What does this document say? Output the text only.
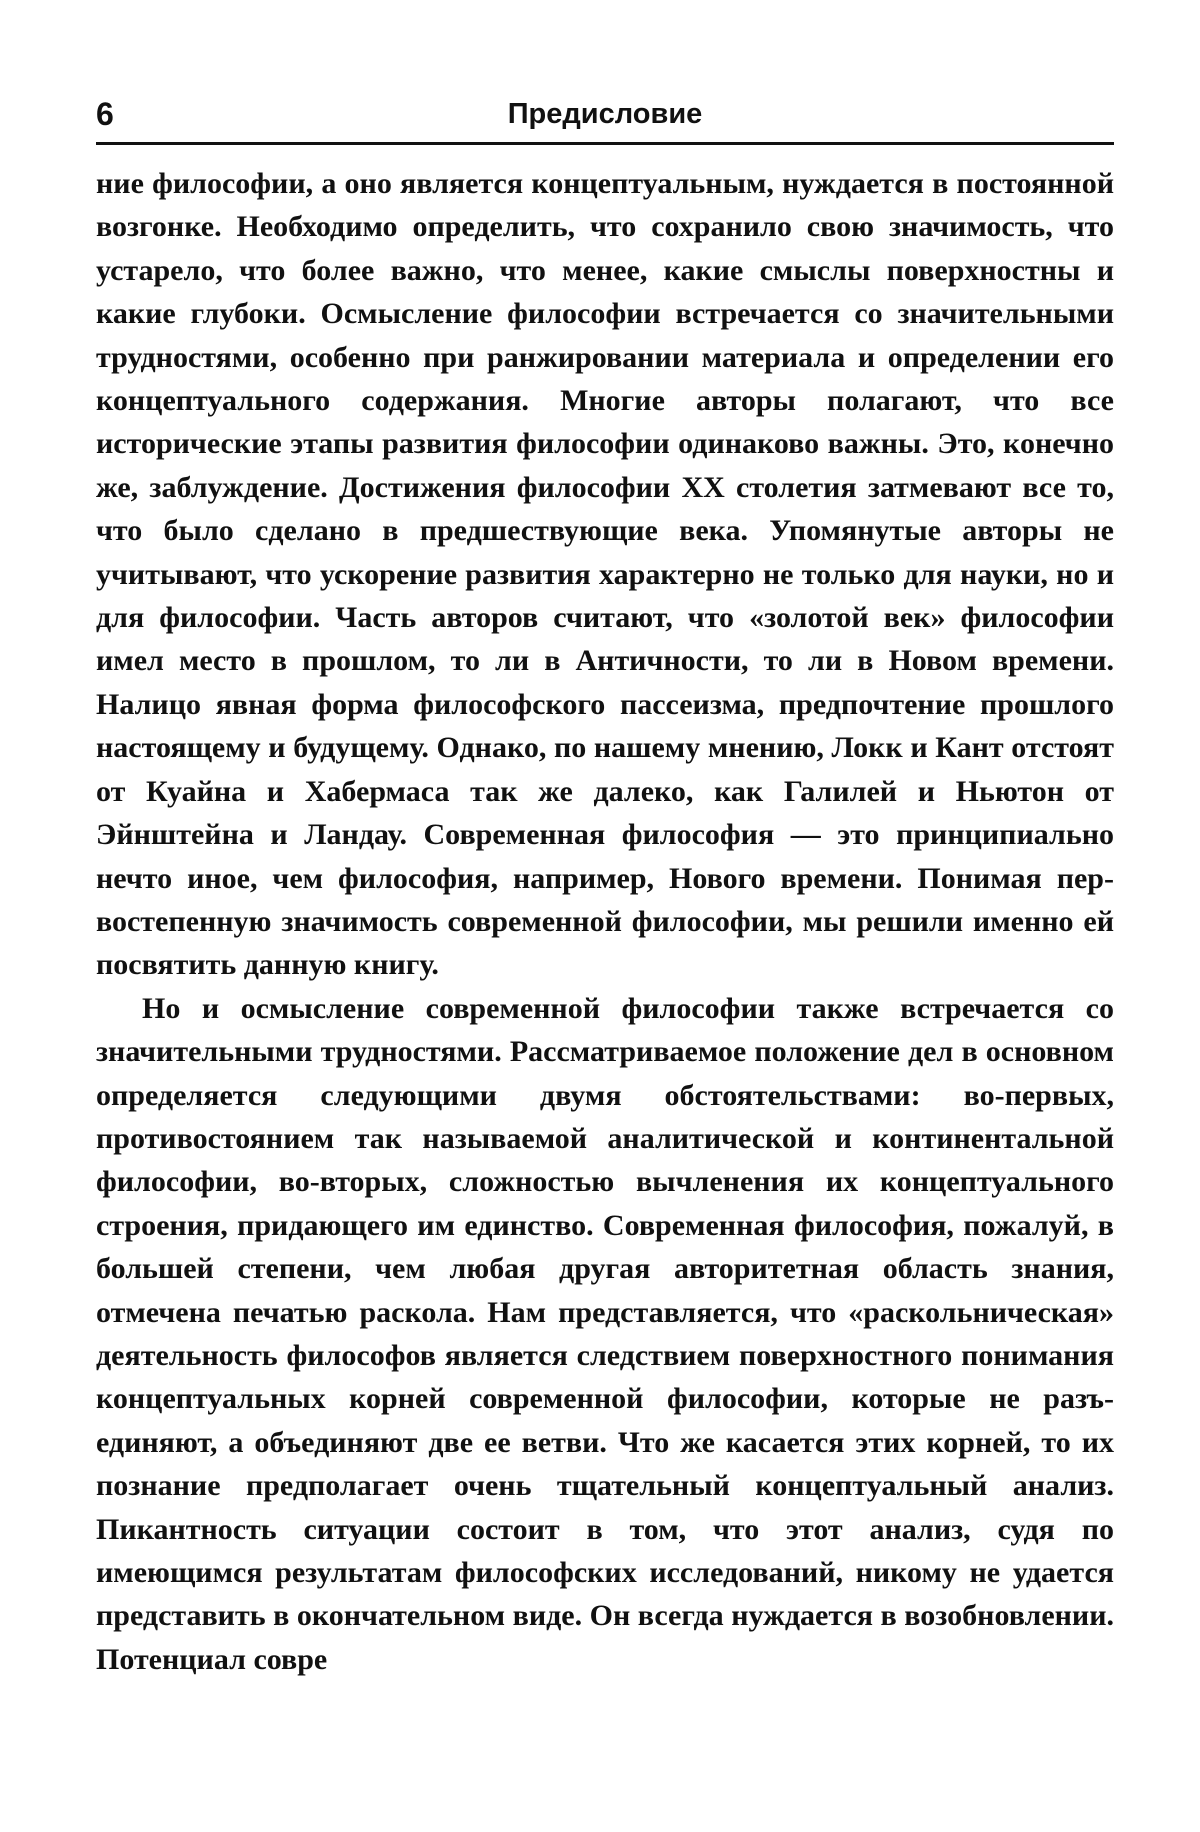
6	Предисловие

ние философии, а оно является концептуальным, нуждается в постоянной возгонке. Необходимо определить, что сохранило свою значимость, что устарело, что более важно, что менее, какие смыслы поверхностны и какие глубоки. Осмысление философии встречается со значительными трудностями, особенно при ранжировании материала и определении его концептуального содержания. Многие авторы полагают, что все исторические этапы развития философии одинаково важны. Это, конечно же, заблуждение. Достижения философии XX столетия затмевают все то, что было сделано в предшествующие века. Упомянутые авторы не учитывают, что ускорение развития характерно не только для науки, но и для философии. Часть авторов считают, что «золотой век» философии имел место в прошлом, то ли в Античности, то ли в Новом времени. Налицо явная форма философского пассеизма, предпочтение прошлого настоящему и будущему. Однако, по нашему мнению, Локк и Кант отстоят от Куайна и Хабермаса так же далеко, как Галилей и Ньютон от Эйнштейна и Ландау. Современная философия — это принципиально нечто иное, чем философия, например, Нового времени. Понимая первостепенную значимость современной философии, мы решили именно ей посвятить данную книгу.

Но и осмысление современной философии также встречается со значительными трудностями. Рассматриваемое положение дел в основном определяется следующими двумя обстоятельствами: во-первых, противостоянием так называемой аналитической и континентальной философии, во-вторых, сложностью вычленения их концептуального строения, придающего им единство. Современная философия, пожалуй, в большей степени, чем любая другая авторитетная область знания, отмечена печатью раскола. Нам представляется, что «раскольническая» деятельность философов является следствием поверхностного понимания концептуальных корней современной философии, которые не разъединяют, а объединяют две ее ветви. Что же касается этих корней, то их познание предполагает очень тщательный концептуальный анализ. Пикантность ситуации состоит в том, что этот анализ, судя по имеющимся результатам философских исследований, никому не удается представить в окончательном виде. Он всегда нуждается в возобновлении. Потенциал совре
